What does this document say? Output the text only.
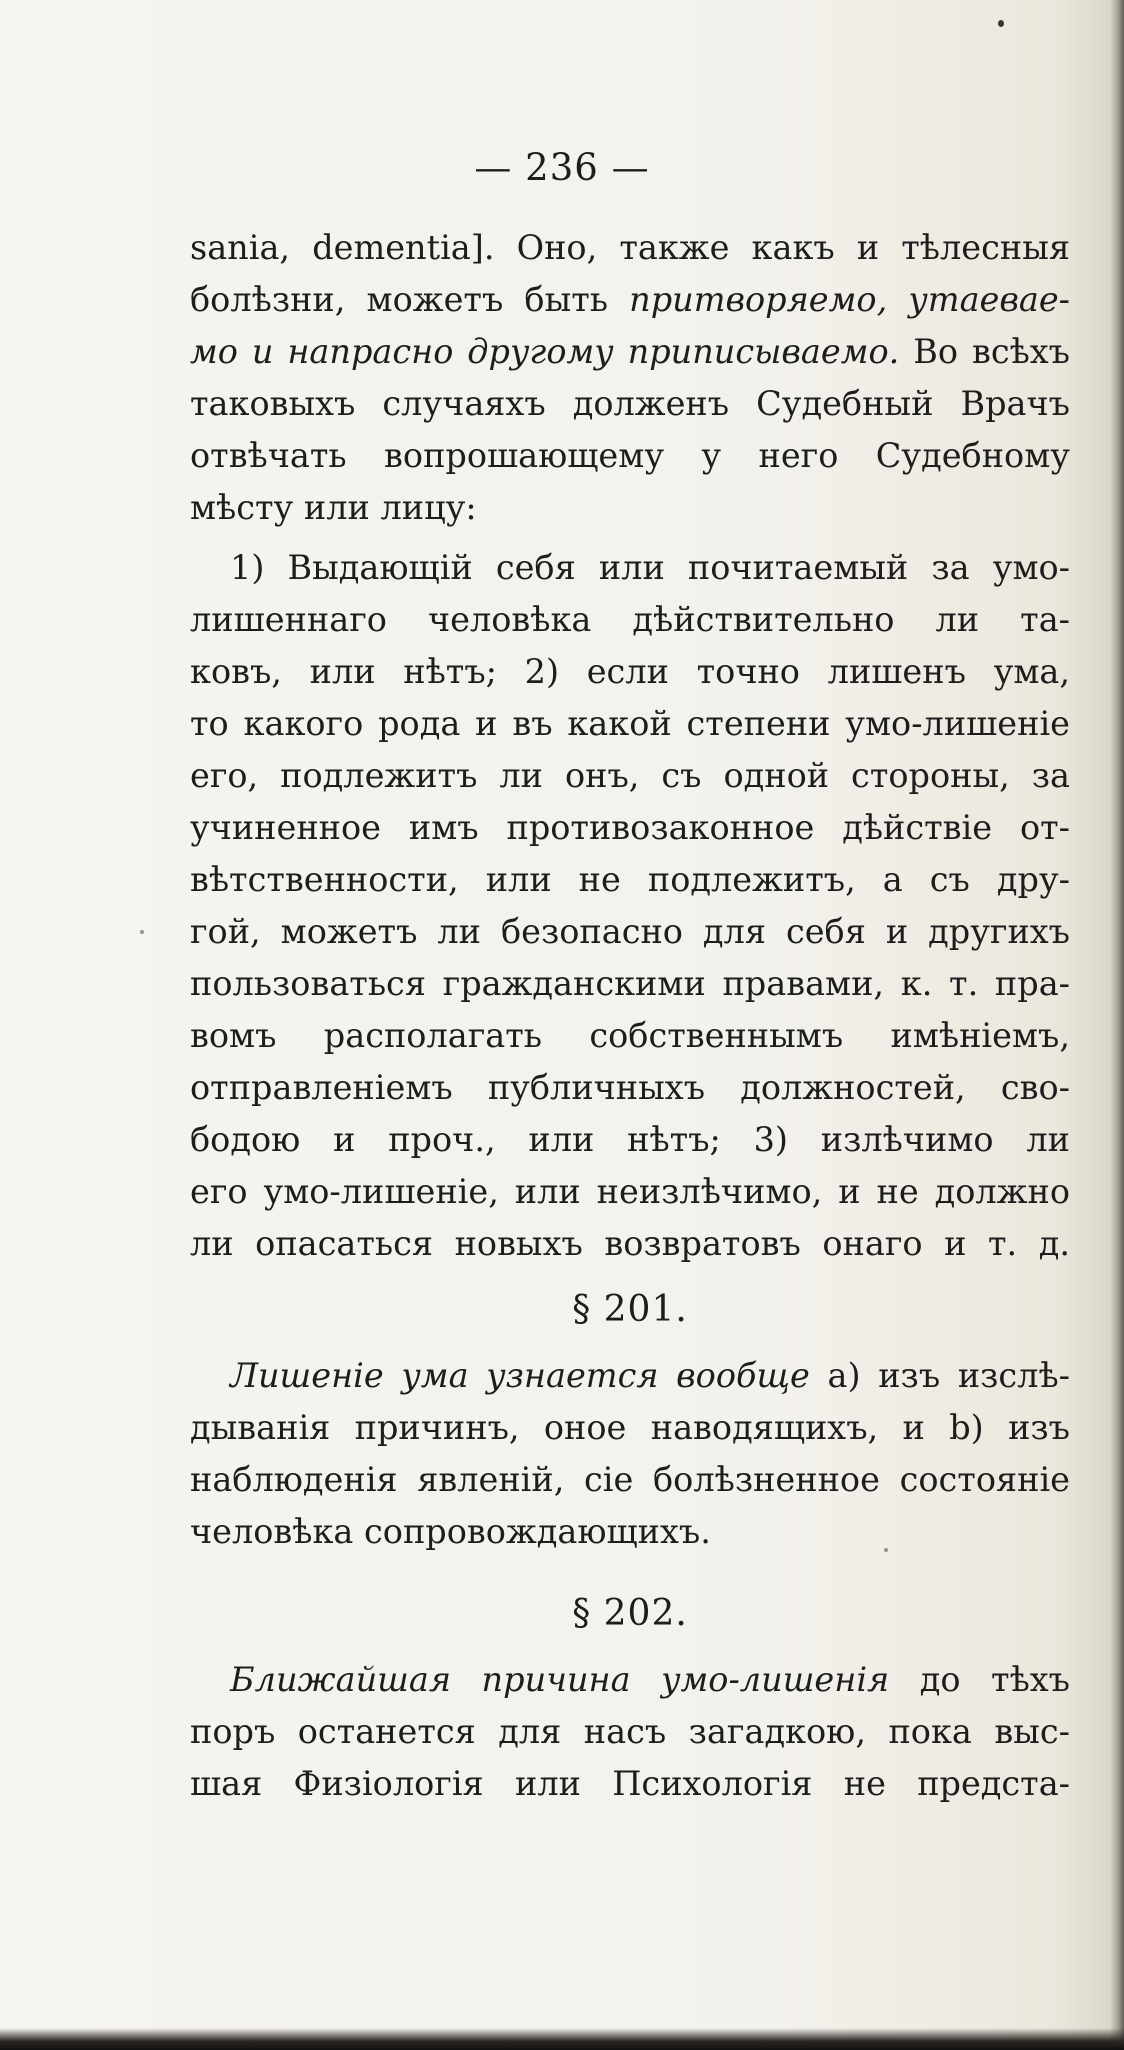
— 236 —
sania, dementia]. Оно, такжe какъ и тѣлесныя
болѣзни, можетъ быть притворяемо, утаевае-
мо и напрасно другому приписываемо. Во всѣхъ
таковыхъ случаяхъ долженъ Судебный Врачъ
отвѣчать вопрошающему у него Судебному
мѣсту или лицу:
1) Выдающій себя или почитаемый за умо-
лишеннаго человѣка дѣйствительно ли та-
ковъ, или нѣтъ; 2) если точно лишенъ ума,
то какого рода и въ какой степени умо-лишеніе
его, подлежитъ ли онъ, съ одной стороны, за
учиненное имъ противозаконное дѣйствіе от-
вѣтственности, или не подлежитъ, а съ дру-
гой, можетъ ли безопасно для себя и другихъ
пользоваться гражданскими правами, к. т. пра-
вомъ располагать собственнымъ имѣніемъ,
отправленіемъ публичныхъ должностей, сво-
бодою и проч., или нѣтъ; 3) излѣчимо ли
его умо-лишеніе, или неизлѣчимо, и не должно
ли опасаться новыхъ возвратовъ онаго и т. д.
§ 201.
Лишеніе ума узнается вообще a) изъ изслѣ-
дыванія причинъ, оное наводящихъ, и b) изъ
наблюденія явленій, сіе болѣзненное состояніе
человѣка сопровождающихъ.
§ 202.
Ближайшая причина умо-лишенія до тѣхъ
поръ останется для насъ загадкою, пока выс-
шая Физіологія или Психологія не предста-
